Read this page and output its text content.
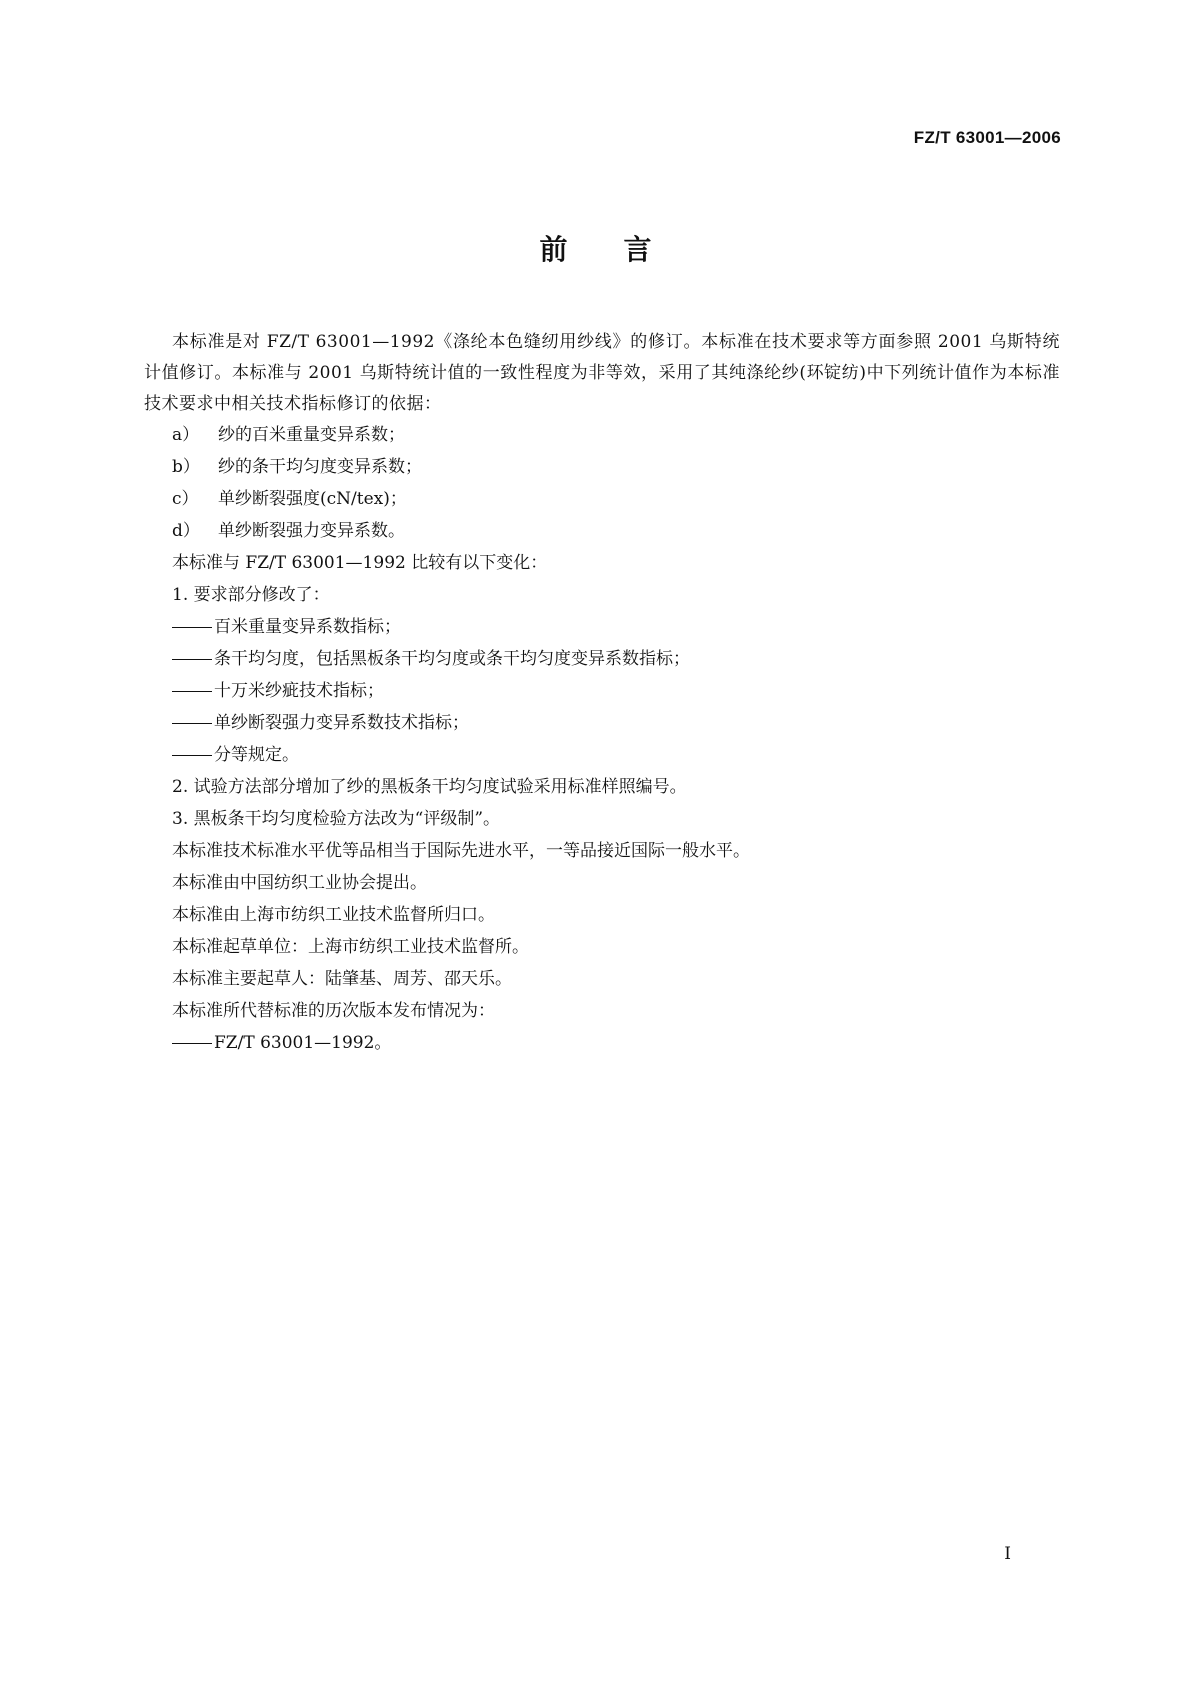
FZ/T 63001—2006
前言

本标准是对 FZ/T 63001—1992《涤纶本色缝纫用纱线》的修订。本标准在技术要求等方面参照 2001 乌斯特统计值修订。本标准与 2001 乌斯特统计值的一致性程度为非等效，采用了其纯涤纶纱(环锭纺)中下列统计值作为本标准技术要求中相关技术指标修订的依据：

a） 纱的百米重量变异系数；
b） 纱的条干均匀度变异系数；
c） 单纱断裂强度(cN/tex)；
d） 单纱断裂强力变异系数。

本标准与 FZ/T 63001—1992 比较有以下变化：

1. 要求部分修改了：

百米重量变异系数指标；
条干均匀度，包括黑板条干均匀度或条干均匀度变异系数指标；
十万米纱疵技术指标；
单纱断裂强力变异系数技术指标；
分等规定。

2. 试验方法部分增加了纱的黑板条干均匀度试验采用标准样照编号。

3. 黑板条干均匀度检验方法改为“评级制”。

本标准技术标准水平优等品相当于国际先进水平，一等品接近国际一般水平。

本标准由中国纺织工业协会提出。

本标准由上海市纺织工业技术监督所归口。

本标准起草单位：上海市纺织工业技术监督所。

本标准主要起草人：陆肇基、周芳、邵天乐。

本标准所代替标准的历次版本发布情况为：

FZ/T 63001—1992。
I
